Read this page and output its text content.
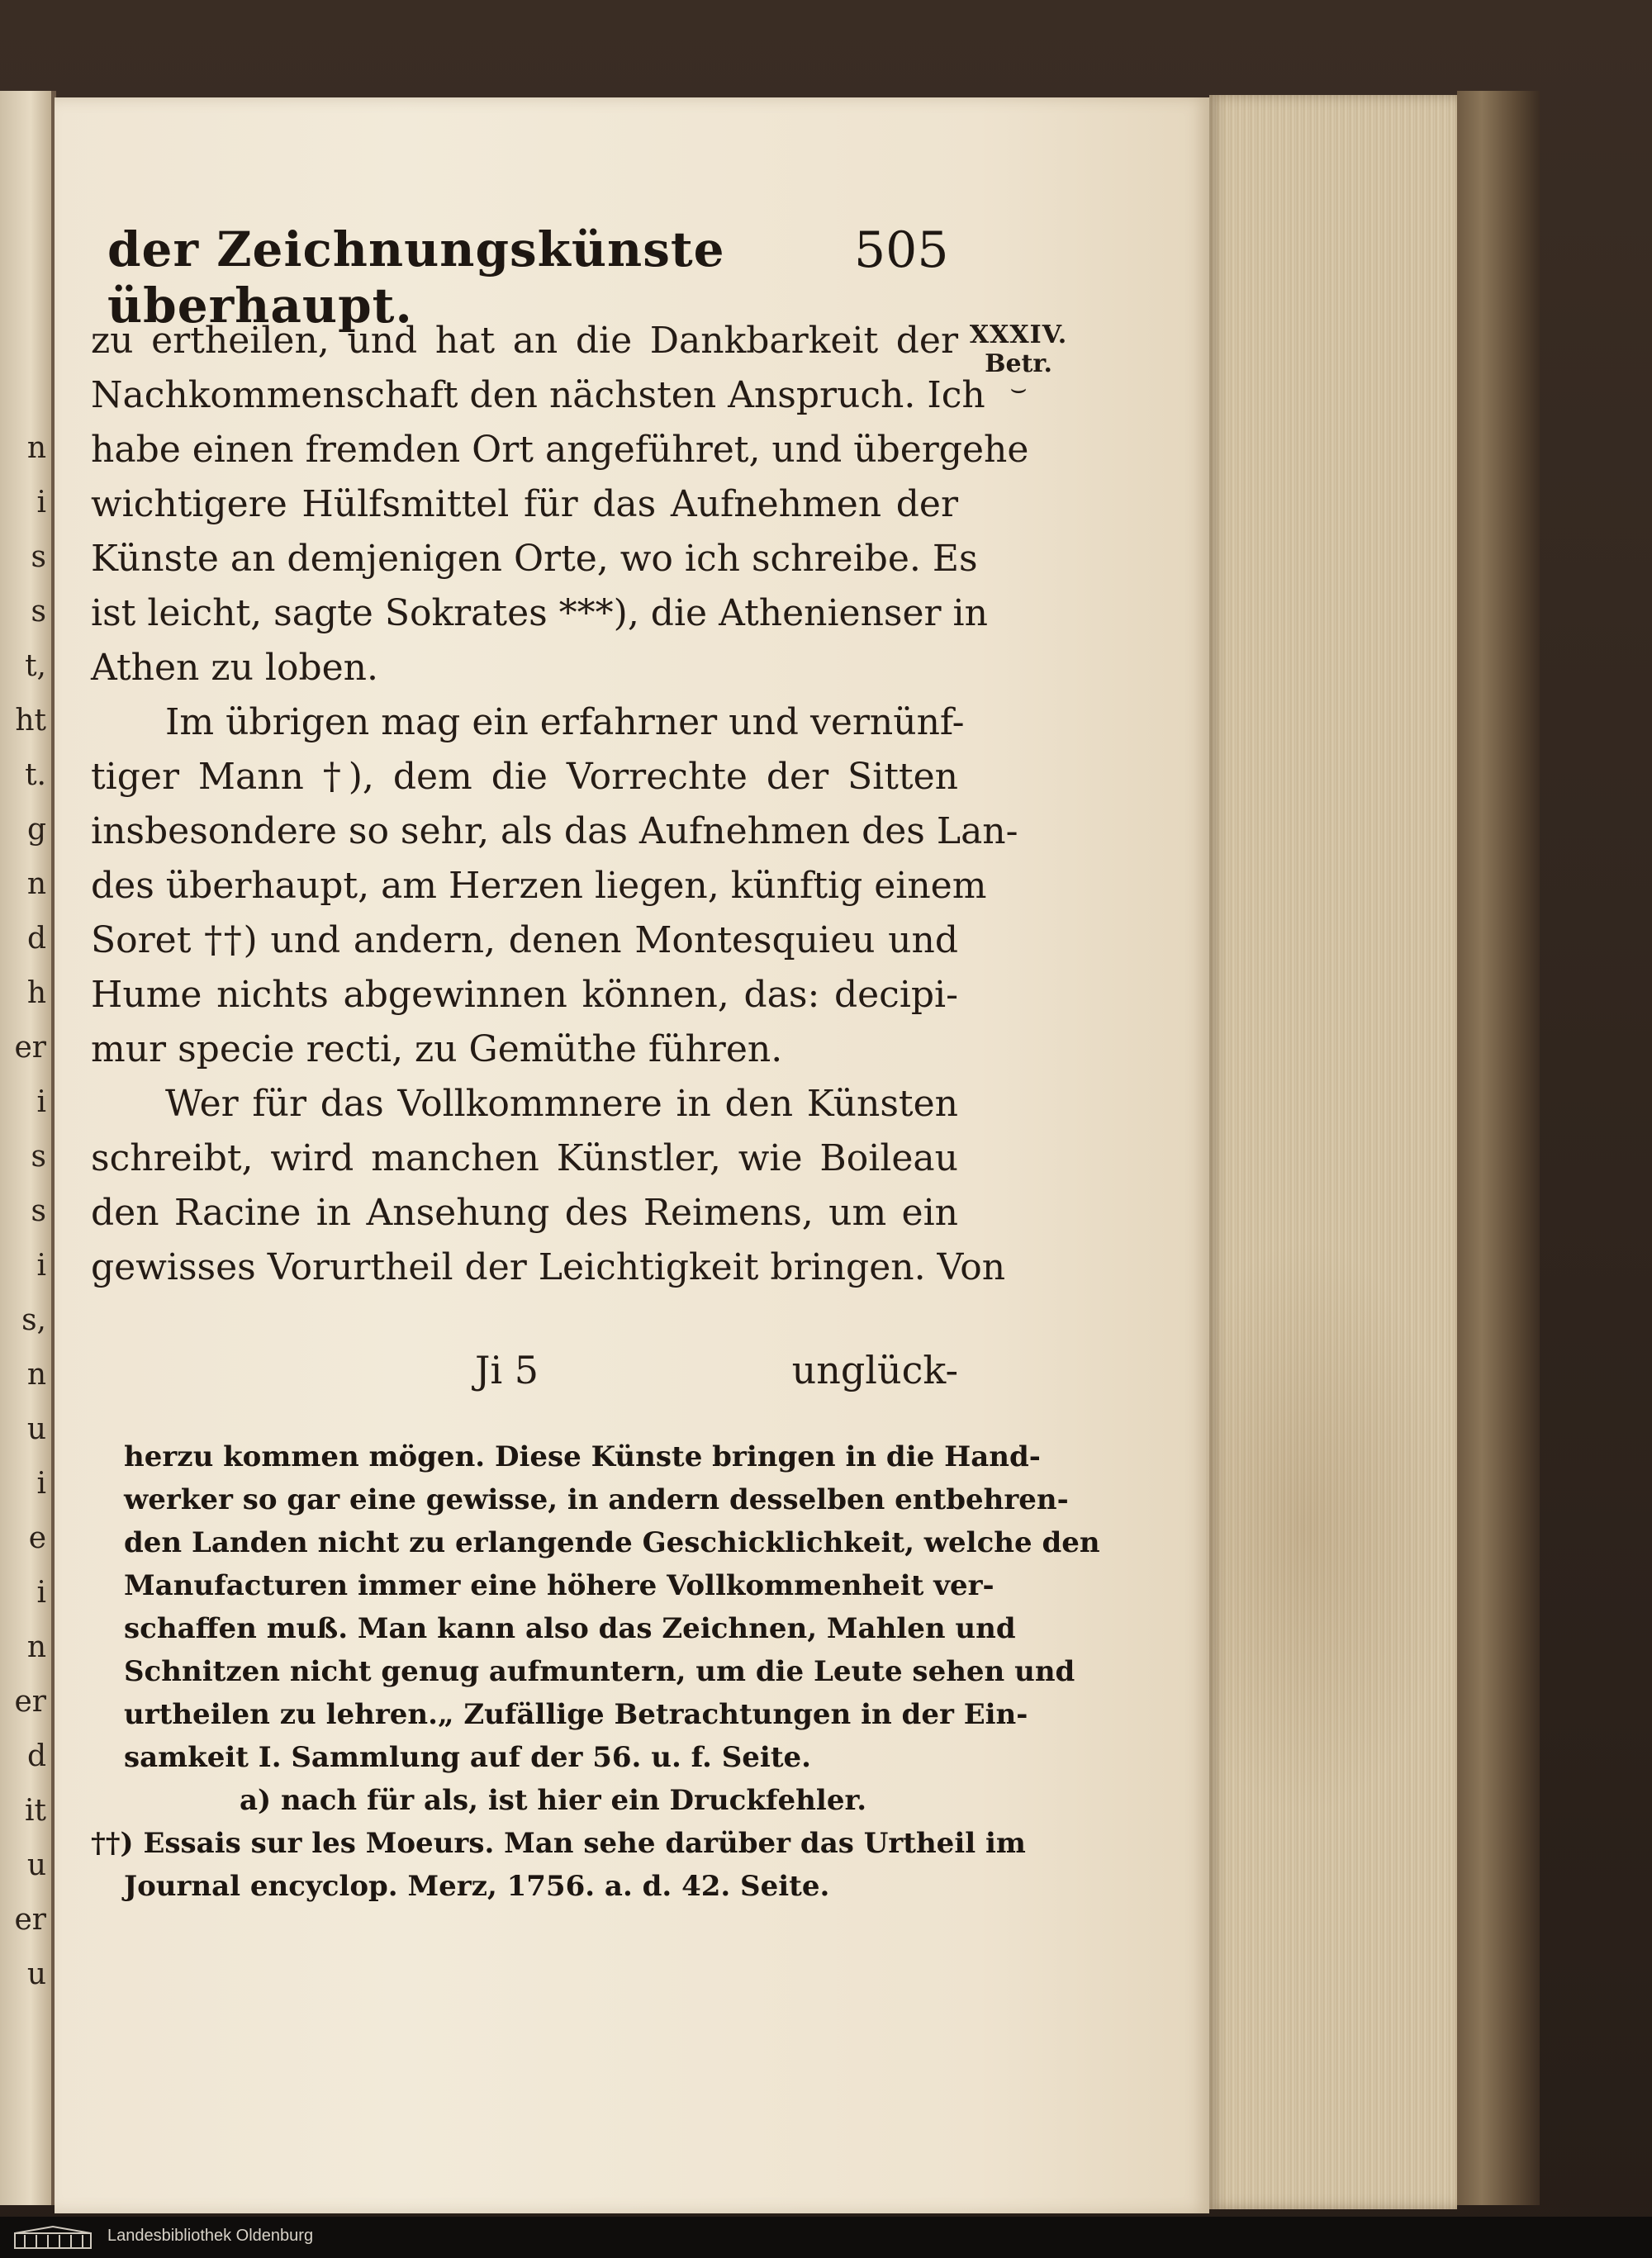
n
i
s
s
t,
ht
t.
g
n
d
h
er
i
s
s
i
s,
n
u
i
e
i
n
er
d
it
u
er
u
der Zeichnungskünste überhaupt.
505
XXXIV.
Betr.
⌣
zu ertheilen, und hat an die Dankbarkeit der
Nachkommenschaft den nächsten Anspruch. Ich
habe einen fremden Ort angeführet, und übergehe
wichtigere Hülfsmittel für das Aufnehmen der
Künste an demjenigen Orte, wo ich schreibe. Es
ist leicht, sagte Sokrates ***), die Athenienser in
Athen zu loben.
Im übrigen mag ein erfahrner und vernünf-
tiger Mann †), dem die Vorrechte der Sitten
insbesondere so sehr, als das Aufnehmen des Lan-
des überhaupt, am Herzen liegen, künftig einem
Soret ††) und andern, denen Montesquieu und
Hume nichts abgewinnen können, das: decipi-
mur specie recti, zu Gemüthe führen.
Wer für das Vollkommnere in den Künsten
schreibt, wird manchen Künstler, wie Boileau
den Racine in Ansehung des Reimens, um ein
gewisses Vorurtheil der Leichtigkeit bringen. Von
Ji 5	unglück-
herzu kommen mögen. Diese Künste bringen in die Hand-
werker so gar eine gewisse, in andern desselben entbehren-
den Landen nicht zu erlangende Geschicklichkeit, welche den
Manufacturen immer eine höhere Vollkommenheit ver-
schaffen muß. Man kann also das Zeichnen, Mahlen und
Schnitzen nicht genug aufmuntern, um die Leute sehen und
urtheilen zu lehren.„ Zufällige Betrachtungen in der Ein-
samkeit I. Sammlung auf der 56. u. f. Seite.
a) nach für als, ist hier ein Druckfehler.
††) Essais sur les Moeurs. Man sehe darüber das Urtheil im
Journal encyclop. Merz, 1756. a. d. 42. Seite.
Landesbibliothek Oldenburg
